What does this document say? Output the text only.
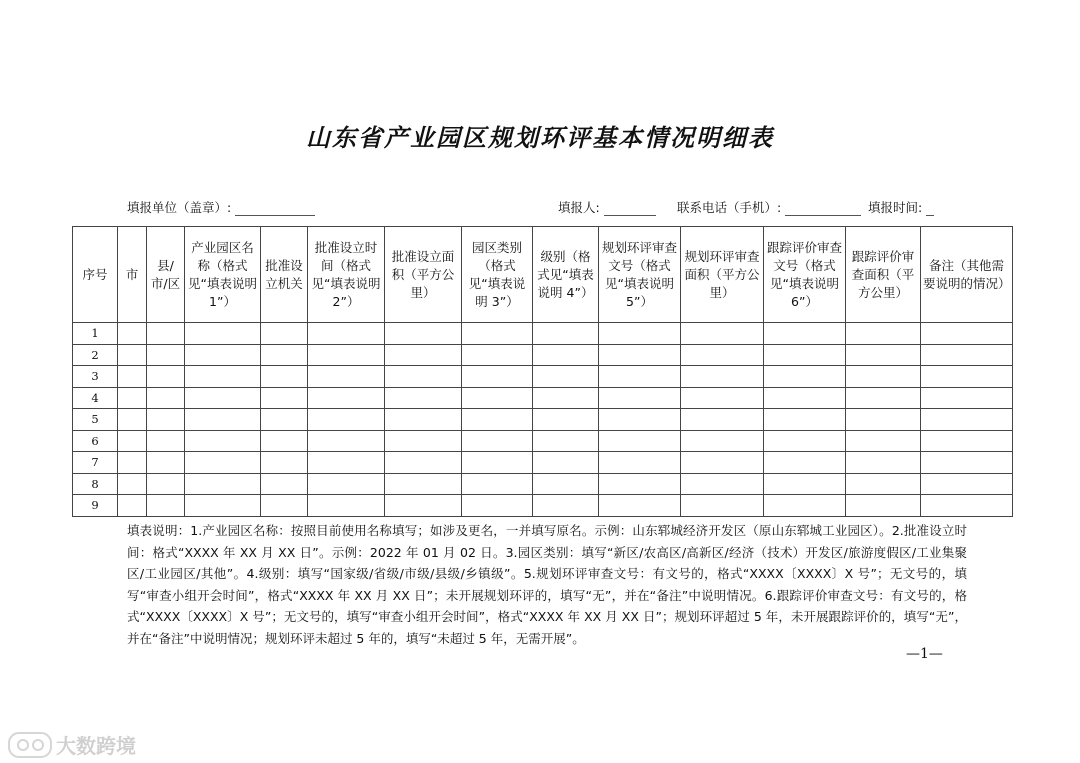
山东省产业园区规划环评基本情况明细表
填报单位（盖章）:	填报人:	联系电话（手机）:	填报时间:
序号	市	县/市/区	产业园区名称（格式见“填表说明 1”）	批准设立机关	批准设立时间（格式见“填表说明 2”）	批准设立面积（平方公里）	园区类别（格式见“填表说明 3”）	级别（格式见“填表说明 4”）	规划环评审查文号（格式见“填表说明 5”）	规划环评审查面积（平方公里）	跟踪评价审查文号（格式见“填表说明 6”）	跟踪评价审查面积（平方公里）	备注（其他需要说明的情况）
1													
2													
3													
4													
5													
6													
7													
8													
9													
填表说明：1.产业园区名称：按照目前使用名称填写；如涉及更名，一并填写原名。示例：山东郓城经济开发区（原山东郓城工业园区）。2.批准设立时间：格式“XXXX 年 XX 月 XX 日”。示例：2022 年 01 月 02 日。3.园区类别：填写“新区/农高区/高新区/经济（技术）开发区/旅游度假区/工业集聚区/工业园区/其他”。4.级别：填写“国家级/省级/市级/县级/乡镇级”。5.规划环评审查文号：有文号的，格式“XXXX〔XXXX〕X 号”；无文号的，填写“审查小组开会时间”，格式“XXXX 年 XX 月 XX 日”；未开展规划环评的，填写“无”，并在“备注”中说明情况。6.跟踪评价审查文号：有文号的，格式“XXXX〔XXXX〕X 号”；无文号的，填写“审查小组开会时间”，格式“XXXX 年 XX 月 XX 日”；规划环评超过 5 年，未开展跟踪评价的，填写“无”，并在“备注”中说明情况；规划环评未超过 5 年的，填写“未超过 5 年，无需开展”。
—1—
大数跨境
